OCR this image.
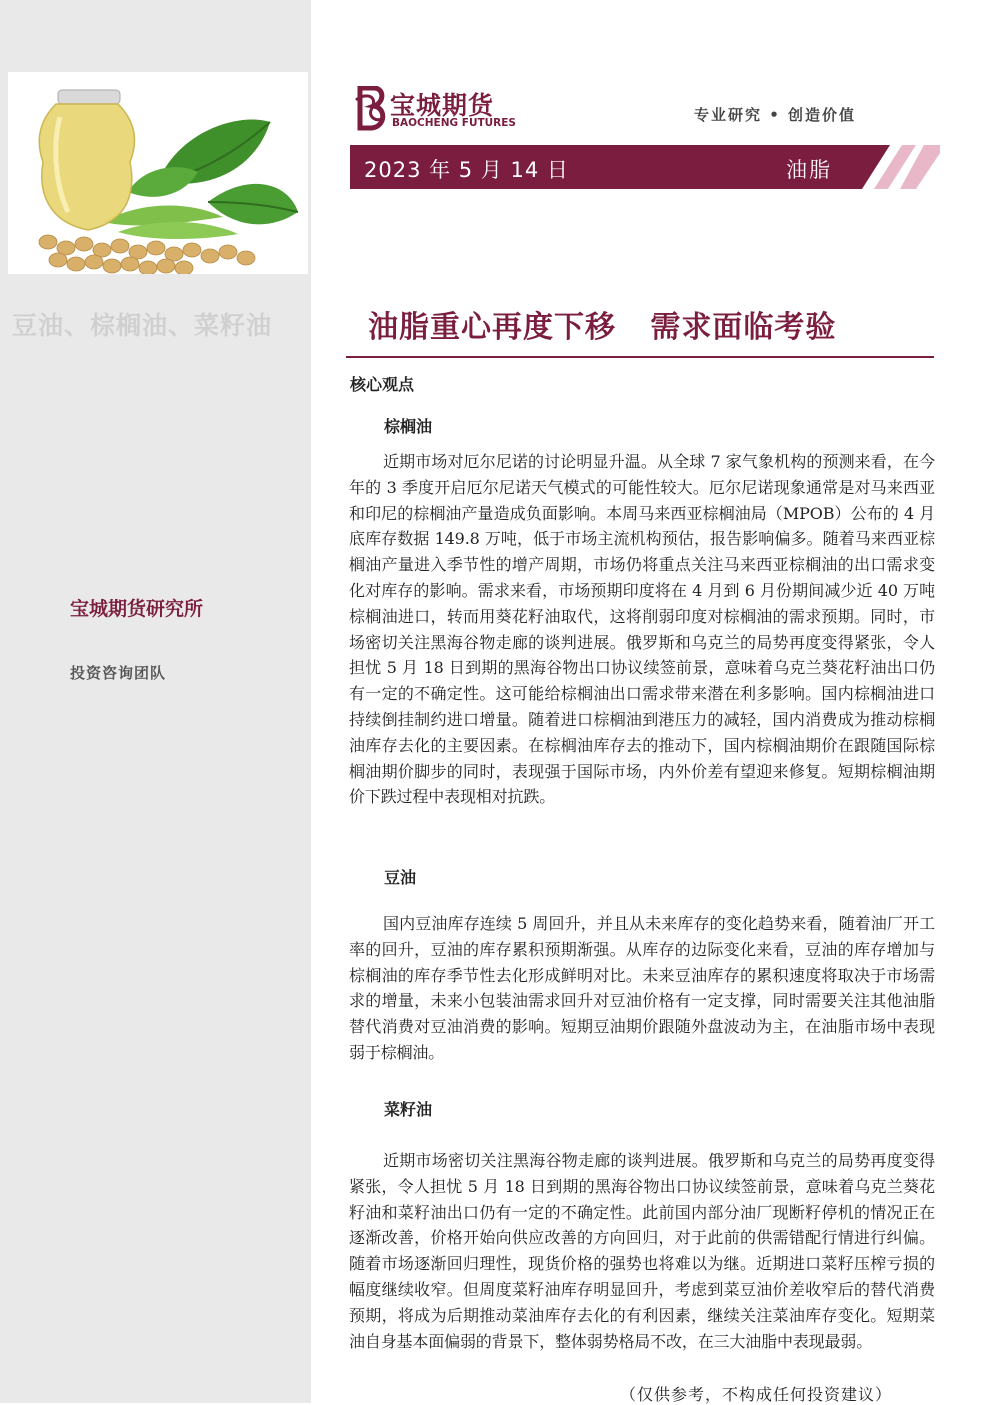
豆油、棕榈油、菜籽油
宝城期货研究所
投资咨询团队
宝城期货
BAOCHENG FUTURES	专业研究 • 创造价值
2023 年 5 月 14 日	油脂
油脂重心再度下移   需求面临考验
核心观点
棕榈油

近期市场对厄尔尼诺的讨论明显升温。从全球 7 家气象机构的预测来看，在今年的 3 季度开启厄尔尼诺天气模式的可能性较大。厄尔尼诺现象通常是对马来西亚和印尼的棕榈油产量造成负面影响。本周马来西亚棕榈油局（MPOB）公布的 4 月底库存数据 149.8 万吨，低于市场主流机构预估，报告影响偏多。随着马来西亚棕榈油产量进入季节性的增产周期，市场仍将重点关注马来西亚棕榈油的出口需求变化对库存的影响。需求来看，市场预期印度将在 4 月到 6 月份期间减少近 40 万吨棕榈油进口，转而用葵花籽油取代，这将削弱印度对棕榈油的需求预期。同时，市场密切关注黑海谷物走廊的谈判进展。俄罗斯和乌克兰的局势再度变得紧张，令人担忧 5 月 18 日到期的黑海谷物出口协议续签前景，意味着乌克兰葵花籽油出口仍有一定的不确定性。这可能给棕榈油出口需求带来潜在利多影响。国内棕榈油进口持续倒挂制约进口增量。随着进口棕榈油到港压力的减轻，国内消费成为推动棕榈油库存去化的主要因素。在棕榈油库存去的推动下，国内棕榈油期价在跟随国际棕榈油期价脚步的同时，表现强于国际市场，内外价差有望迎来修复。短期棕榈油期价下跌过程中表现相对抗跌。

豆油

国内豆油库存连续 5 周回升，并且从未来库存的变化趋势来看，随着油厂开工率的回升，豆油的库存累积预期渐强。从库存的边际变化来看，豆油的库存增加与棕榈油的库存季节性去化形成鲜明对比。未来豆油库存的累积速度将取决于市场需求的增量，未来小包装油需求回升对豆油价格有一定支撑，同时需要关注其他油脂替代消费对豆油消费的影响。短期豆油期价跟随外盘波动为主，在油脂市场中表现弱于棕榈油。

菜籽油

近期市场密切关注黑海谷物走廊的谈判进展。俄罗斯和乌克兰的局势再度变得紧张，令人担忧 5 月 18 日到期的黑海谷物出口协议续签前景，意味着乌克兰葵花籽油和菜籽油出口仍有一定的不确定性。此前国内部分油厂现断籽停机的情况正在逐渐改善，价格开始向供应改善的方向回归，对于此前的供需错配行情进行纠偏。随着市场逐渐回归理性，现货价格的强势也将难以为继。近期进口菜籽压榨亏损的幅度继续收窄。但周度菜籽油库存明显回升，考虑到菜豆油价差收窄后的替代消费预期，将成为后期推动菜油库存去化的有利因素，继续关注菜油库存变化。短期菜油自身基本面偏弱的背景下，整体弱势格局不改，在三大油脂中表现最弱。

（仅供参考，不构成任何投资建议）
